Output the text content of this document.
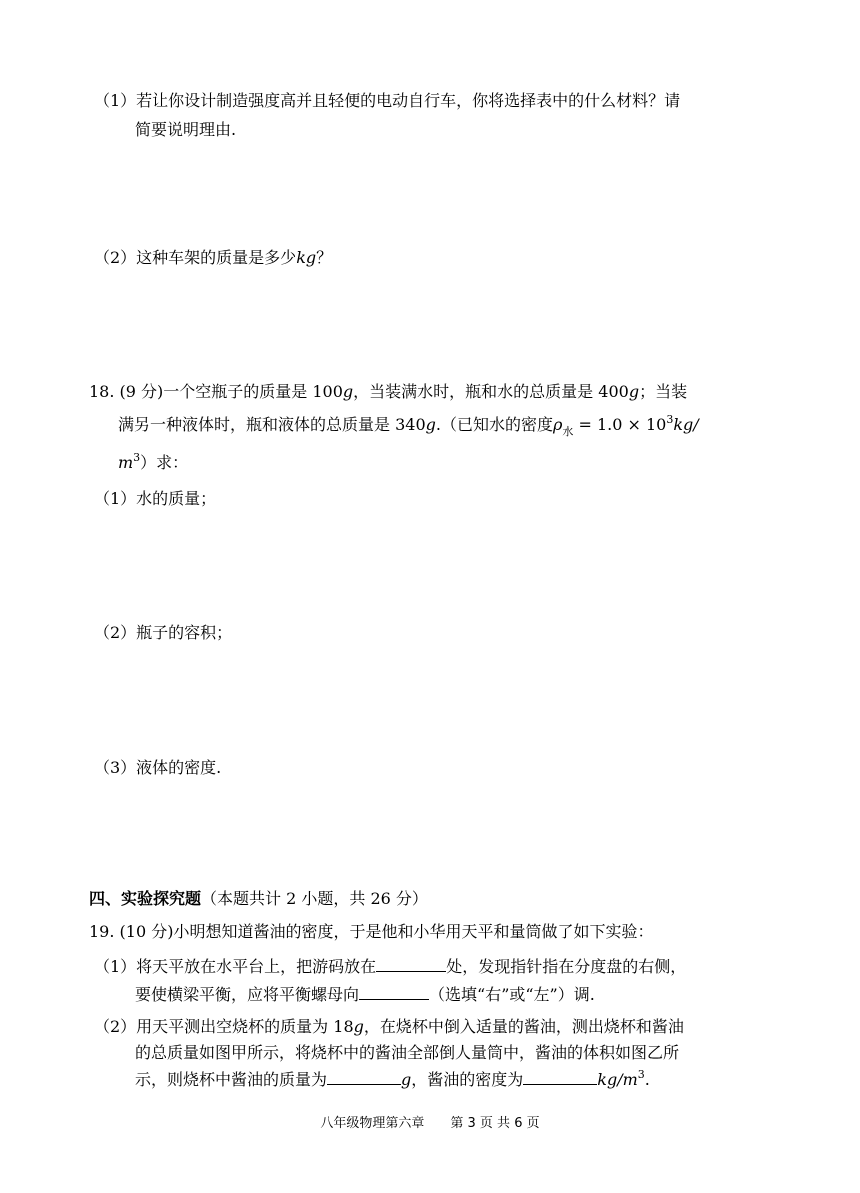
（1）若让你设计制造强度高并且轻便的电动自行车，你将选择表中的什么材料？请
简要说明理由.
（2）这种车架的质量是多少kg？
18. (9 分)一个空瓶子的质量是 100g，当装满水时，瓶和水的总质量是 400g；当装
满另一种液体时，瓶和液体的总质量是 340g.（已知水的密度$\rho_水 = 1.0 \times 10^3kg/$
$m^3$）求：
（1）水的质量；
（2）瓶子的容积；
（3）液体的密度.
四、实验探究题（本题共计 2 小题，共 26 分）
19. (10 分)小明想知道酱油的密度，于是他和小华用天平和量筒做了如下实验：
（1）将天平放在水平台上，把游码放在	处，发现指针指在分度盘的右侧，
要使横梁平衡，应将平衡螺母向	（选填“右”或“左”）调.
（2）用天平测出空烧杯的质量为 18g，在烧杯中倒入适量的酱油，测出烧杯和酱油
的总质量如图甲所示，将烧杯中的酱油全部倒人量筒中，酱油的体积如图乙所
示，则烧杯中酱油的质量为	g，酱油的密度为	$kg/m^3$.
八年级物理第六章　　第 3 页 共 6 页
